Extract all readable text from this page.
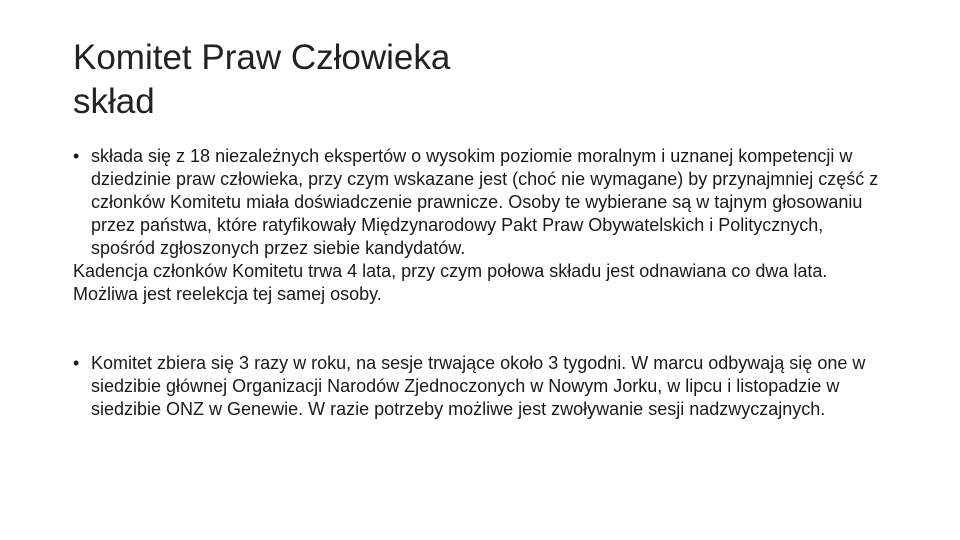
Komitet Praw Człowieka
skład

• składa się z 18 niezależnych ekspertów o wysokim poziomie moralnym i uznanej kompetencji w dziedzinie praw człowieka, przy czym wskazane jest (choć nie wymagane) by przynajmniej część z członków Komitetu miała doświadczenie prawnicze. Osoby te wybierane są w tajnym głosowaniu przez państwa, które ratyfikowały Międzynarodowy Pakt Praw Obywatelskich i Politycznych, spośród zgłoszonych przez siebie kandydatów.

Kadencja członków Komitetu trwa 4 lata, przy czym połowa składu jest odnawiana co dwa lata. Możliwa jest reelekcja tej samej osoby.

• Komitet zbiera się 3 razy w roku, na sesje trwające około 3 tygodni. W marcu odbywają się one w siedzibie głównej Organizacji Narodów Zjednoczonych w Nowym Jorku, w lipcu i listopadzie w siedzibie ONZ w Genewie. W razie potrzeby możliwe jest zwoływanie sesji nadzwyczajnych.
